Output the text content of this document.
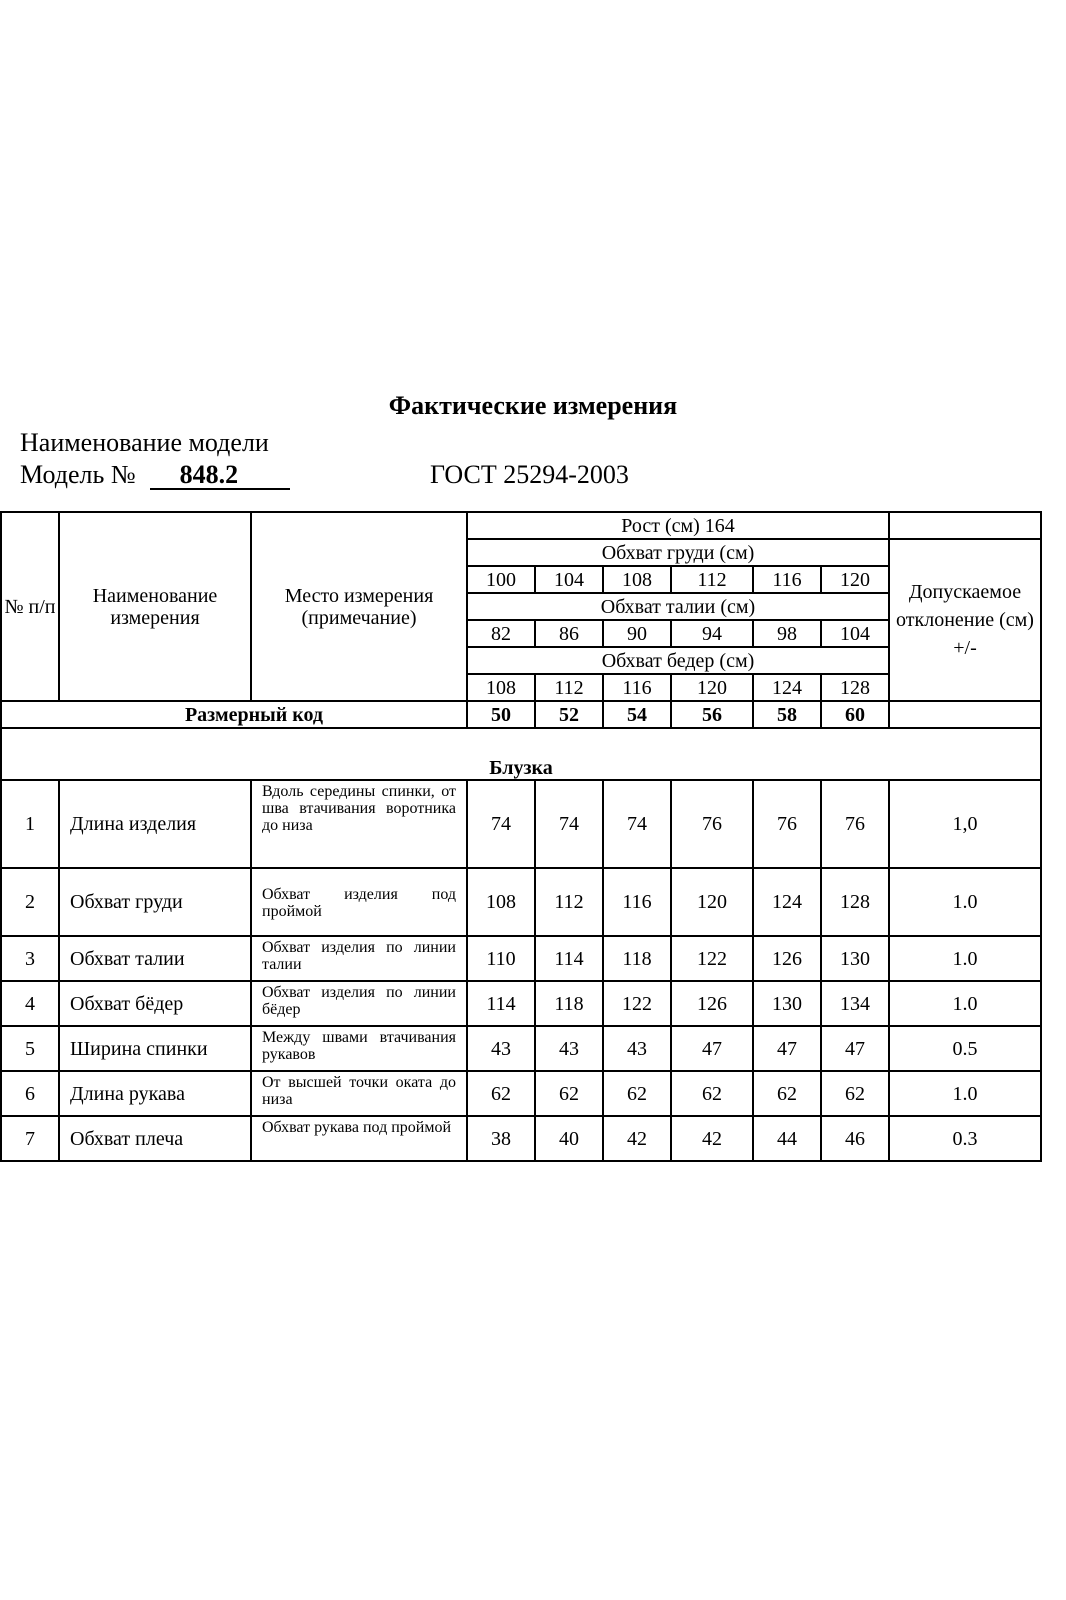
Фактические измерения
Наименование модели
Модель № 848.2	ГОСТ 25294-2003
№ п/п	Наименование измерения	Место измерения (примечание)	Рост (см) 164						
			Обхват груди (см)						Допускаемое отклонение (см) +/-
			100	104	108	112	116	120	
			Обхват талии (см)						
			82	86	90	94	98	104	
			Обхват бедер (см)						
			108	112	116	120	124	128	
Размерный код			50	52	54	56	58	60	
Блузка									
1	Длина изделия	Вдоль середины спинки, от шва втачивания воротника до низа	74	74	74	76	76	76	1,0
2	Обхват груди	Обхват изделия под проймой	108	112	116	120	124	128	1.0
3	Обхват талии	Обхват изделия по линии талии	110	114	118	122	126	130	1.0
4	Обхват бёдер	Обхват изделия по линии бёдер	114	118	122	126	130	134	1.0
5	Ширина спинки	Между швами втачивания рукавов	43	43	43	47	47	47	0.5
6	Длина рукава	От высшей точки оката до низа	62	62	62	62	62	62	1.0
7	Обхват плеча	Обхват рукава под проймой	38	40	42	42	44	46	0.3
